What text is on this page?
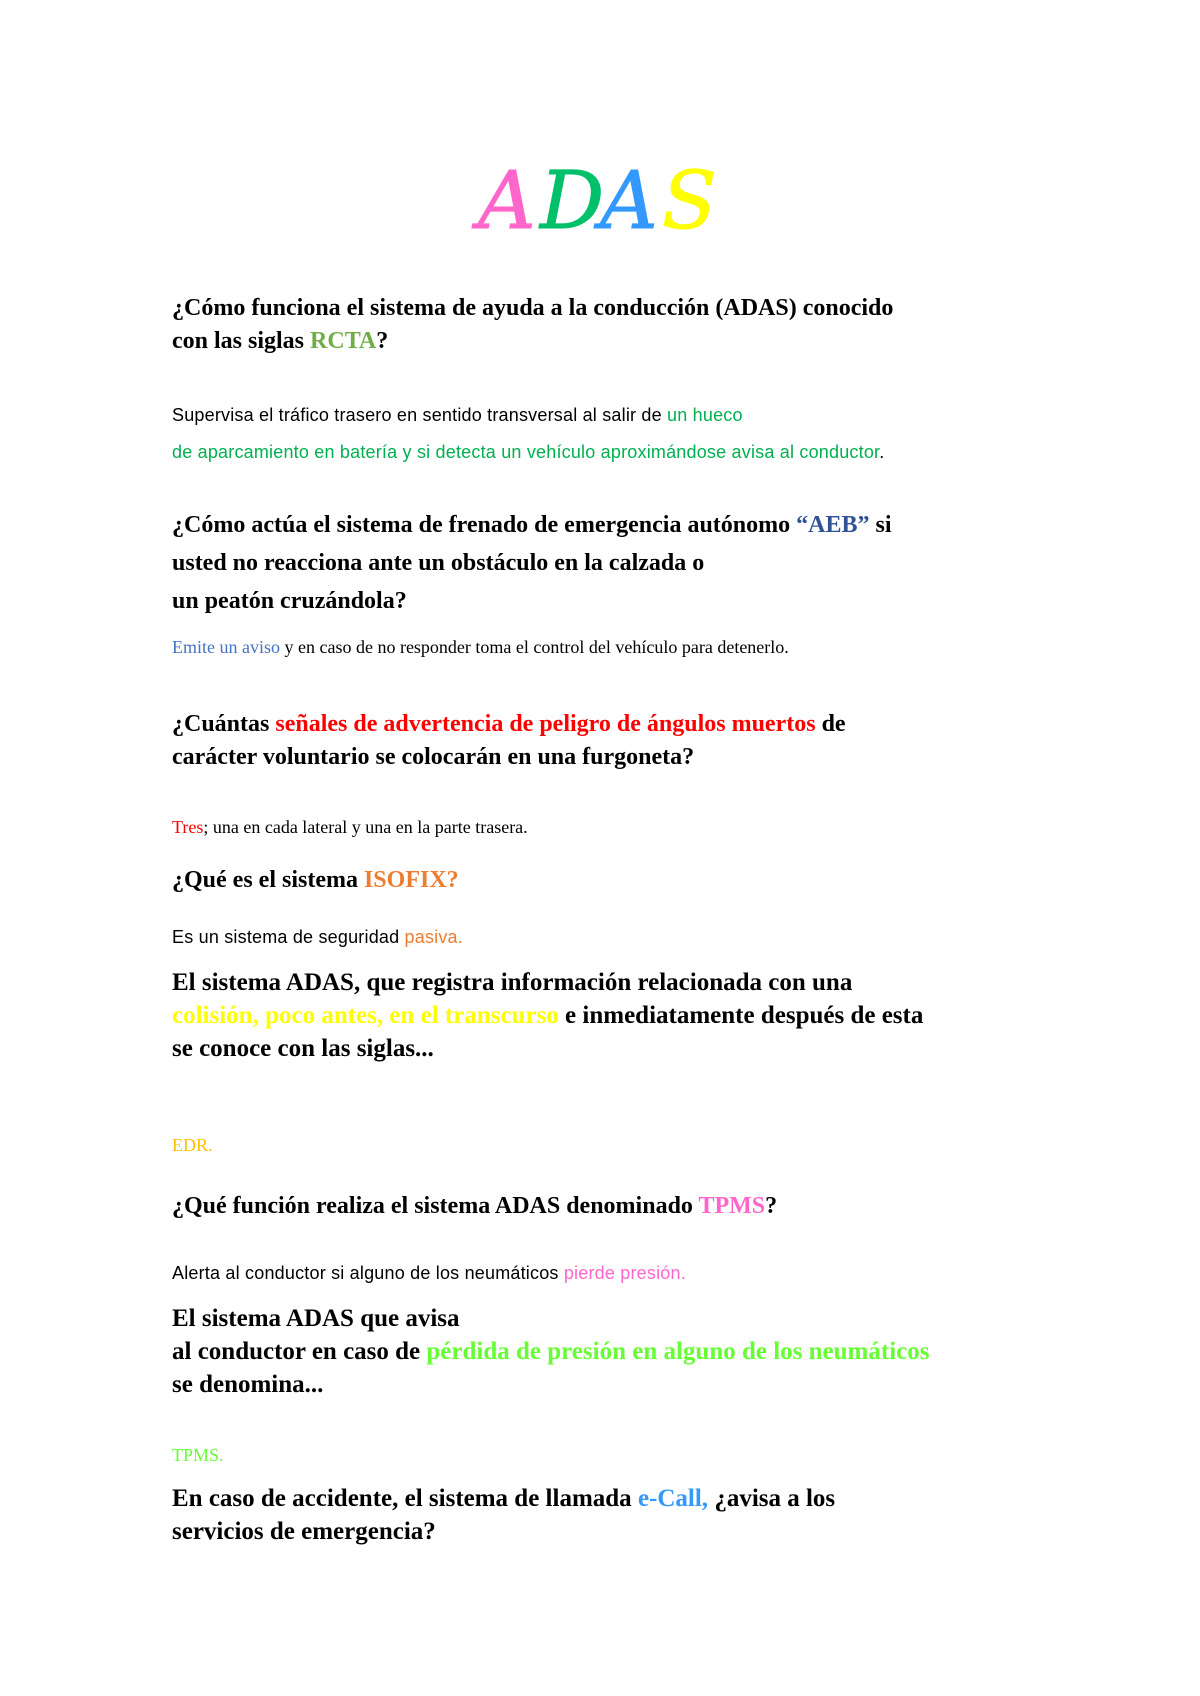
A D
A S
¿Cómo funciona el sistema de ayuda a la conducción (ADAS) conocido
con las siglas RCTA?
Supervisa el tráfico trasero en sentido transversal al salir de un hueco
de aparcamiento en batería y si detecta un vehículo aproximándose avisa al conductor.
¿Cómo actúa el sistema de frenado de emergencia autónomo “AEB” si
usted no reacciona ante un obstáculo en la calzada o
un peatón cruzándola?
Emite un aviso y en caso de no responder toma el control del vehículo para detenerlo.
¿Cuántas señales de advertencia de peligro de ángulos muertos de
carácter voluntario se colocarán en una furgoneta?
Tres; una en cada lateral y una en la parte trasera.
¿Qué es el sistema ISOFIX?
Es un sistema de seguridad pasiva.
El sistema ADAS, que registra información relacionada con una
colisión, poco antes, en el transcurso e inmediatamente después de esta
se conoce con las siglas...
EDR.
¿Qué función realiza el sistema ADAS denominado TPMS?
Alerta al conductor si alguno de los neumáticos pierde presión.
El sistema ADAS que avisa
al conductor en caso de pérdida de presión en alguno de los neumáticos
se denomina...
TPMS.
En caso de accidente, el sistema de llamada e-Call, ¿avisa a los
servicios de emergencia?
